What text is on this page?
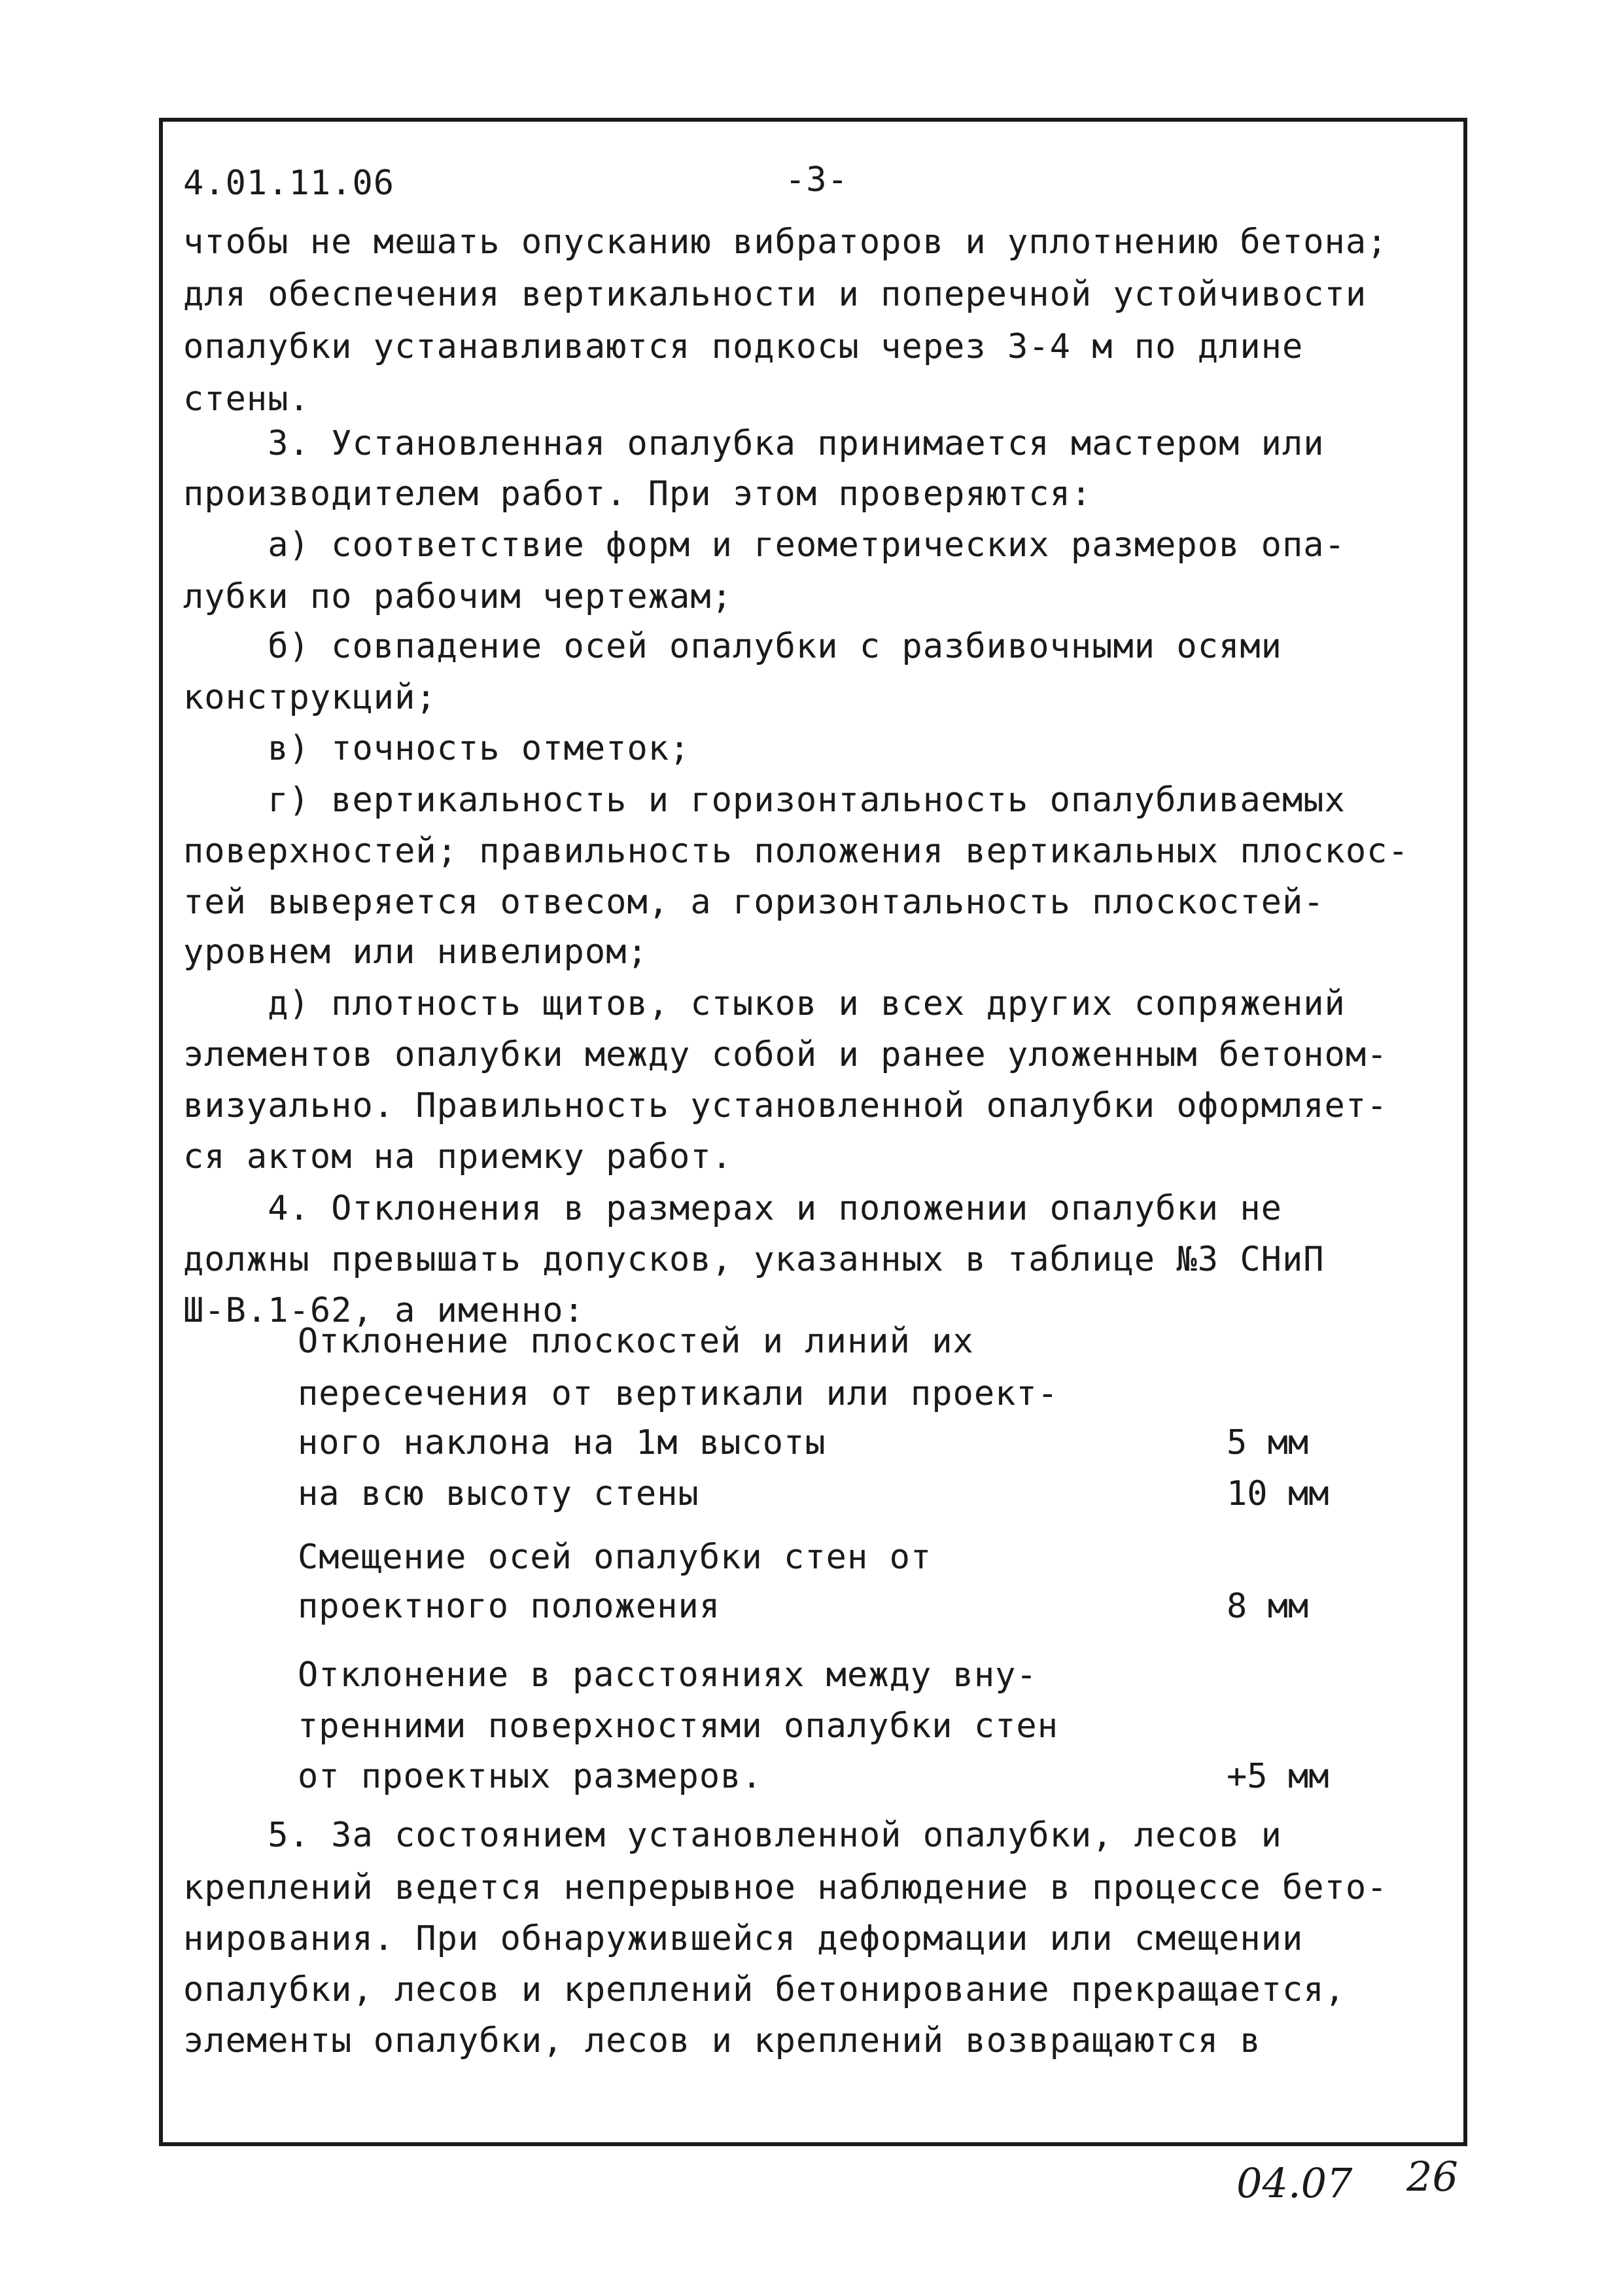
4.01.11.06	-3-
чтобы не мешать опусканию вибраторов и уплотнению бетона;
для обеспечения вертикальности и поперечной устойчивости
опалубки устанавливаются подкосы через 3-4 м по длине
стены.
3. Установленная опалубка принимается мастером или
производителем работ. При этом проверяются:
а) соответствие форм и геометрических размеров опа-
лубки по рабочим чертежам;
б) совпадение осей опалубки с разбивочными осями
конструкций;
в) точность отметок;
г) вертикальность и горизонтальность опалубливаемых
поверхностей; правильность положения вертикальных плоскос-
тей выверяется отвесом, а горизонтальность плоскостей-
уровнем или нивелиром;
д) плотность щитов, стыков и всех других сопряжений
элементов опалубки между собой и ранее уложенным бетоном-
визуально. Правильность установленной опалубки оформляет-
ся актом на приемку работ.
4. Отклонения в размерах и положении опалубки не
должны превышать допусков, указанных в таблице №3 СНиП
Ш-В.1-62, а именно:
Отклонение плоскостей и линий их
пересечения от вертикали или проект-
ного наклона на 1м высоты	5 мм
на всю высоту стены	10 мм
Смещение осей опалубки стен от
проектного положения	8 мм
Отклонение в расстояниях между вну-
тренними поверхностями опалубки стен
от проектных размеров.	+5 мм
5. За состоянием установленной опалубки, лесов и
креплений ведется непрерывное наблюдение в процессе бето-
нирования. При обнаружившейся деформации или смещении
опалубки, лесов и креплений бетонирование прекращается,
элементы опалубки, лесов и креплений возвращаются в
04.07 26
